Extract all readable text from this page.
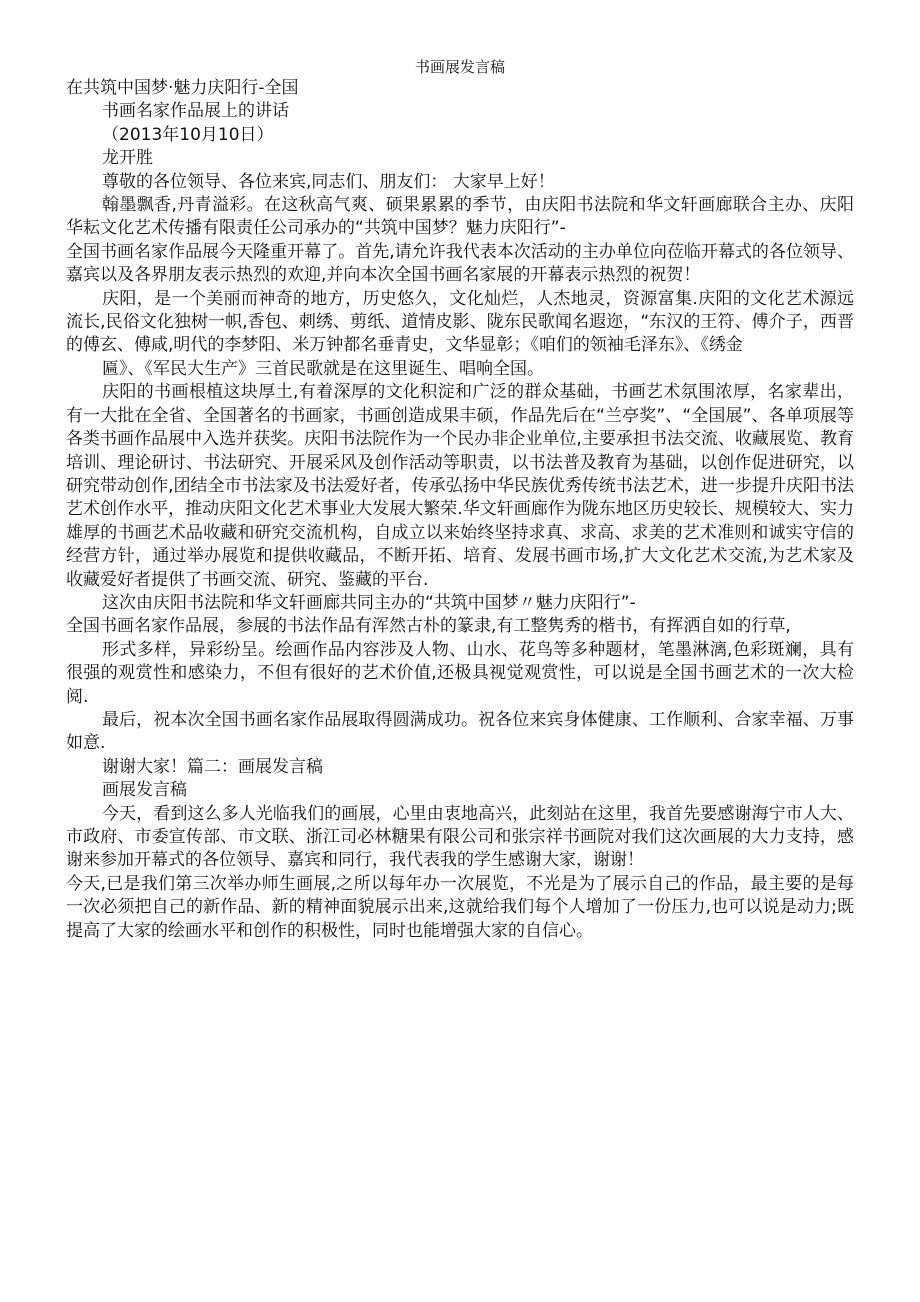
书画展发言稿

在共筑中国梦·魅力庆阳行-全国

书画名家作品展上的讲话

（2013年10月10日）

龙开胜

尊敬的各位领导、各位来宾,同志们、朋友们： 大家早上好！

翰墨飘香,丹青溢彩。在这秋高气爽、硕果累累的季节，由庆阳书法院和华文轩画廊联合主办、庆阳华耘文化艺术传播有限责任公司承办的“共筑中国梦？魅力庆阳行”-

全国书画名家作品展今天隆重开幕了。首先,请允许我代表本次活动的主办单位向莅临开幕式的各位领导、嘉宾以及各界朋友表示热烈的欢迎,并向本次全国书画名家展的开幕表示热烈的祝贺！

庆阳，是一个美丽而神奇的地方，历史悠久，文化灿烂，人杰地灵，资源富集.庆阳的文化艺术源远流长,民俗文化独树一帜,香包、刺绣、剪纸、道情皮影、陇东民歌闻名遐迩，“东汉的王符、傅介子，西晋的傅玄、傅咸,明代的李梦阳、米万钟都名垂青史，文华显彰；《咱们的领袖毛泽东》、《绣金

匾》、《军民大生产》三首民歌就是在这里诞生、唱响全国。

庆阳的书画根植这块厚土,有着深厚的文化积淀和广泛的群众基础，书画艺术氛围浓厚，名家辈出，有一大批在全省、全国著名的书画家，书画创造成果丰硕，作品先后在“兰亭奖”、“全国展”、各单项展等各类书画作品展中入选并获奖。庆阳书法院作为一个民办非企业单位,主要承担书法交流、收藏展览、教育培训、理论研讨、书法研究、开展采风及创作活动等职责，以书法普及教育为基础，以创作促进研究，以研究带动创作,团结全市书法家及书法爱好者，传承弘扬中华民族优秀传统书法艺术，进一步提升庆阳书法艺术创作水平，推动庆阳文化艺术事业大发展大繁荣.华文轩画廊作为陇东地区历史较长、规模较大、实力雄厚的书画艺术品收藏和研究交流机构，自成立以来始终坚持求真、求高、求美的艺术准则和诚实守信的经营方针，通过举办展览和提供收藏品，不断开拓、培育、发展书画市场,扩大文化艺术交流,为艺术家及收藏爱好者提供了书画交流、研究、鉴藏的平台.

这次由庆阳书法院和华文轩画廊共同主办的“共筑中国梦〃魅力庆阳行”-

全国书画名家作品展，参展的书法作品有浑然古朴的篆隶,有工整隽秀的楷书，有挥洒自如的行草,

形式多样，异彩纷呈。绘画作品内容涉及人物、山水、花鸟等多种题材，笔墨淋漓,色彩斑斓，具有很强的观赏性和感染力，不但有很好的艺术价值,还极具视觉观赏性，可以说是全国书画艺术的一次大检阅.

最后，祝本次全国书画名家作品展取得圆满成功。祝各位来宾身体健康、工作顺利、合家幸福、万事如意.

谢谢大家！篇二：画展发言稿

画展发言稿

今天，看到这么多人光临我们的画展，心里由衷地高兴，此刻站在这里，我首先要感谢海宁市人大、市政府、市委宣传部、市文联、浙江司必林糖果有限公司和张宗祥书画院对我们这次画展的大力支持，感谢来参加开幕式的各位领导、嘉宾和同行，我代表我的学生感谢大家，谢谢！

今天,已是我们第三次举办师生画展,之所以每年办一次展览，不光是为了展示自己的作品，最主要的是每一次必须把自己的新作品、新的精神面貌展示出来,这就给我们每个人增加了一份压力,也可以说是动力;既提高了大家的绘画水平和创作的积极性，同时也能增强大家的自信心。
